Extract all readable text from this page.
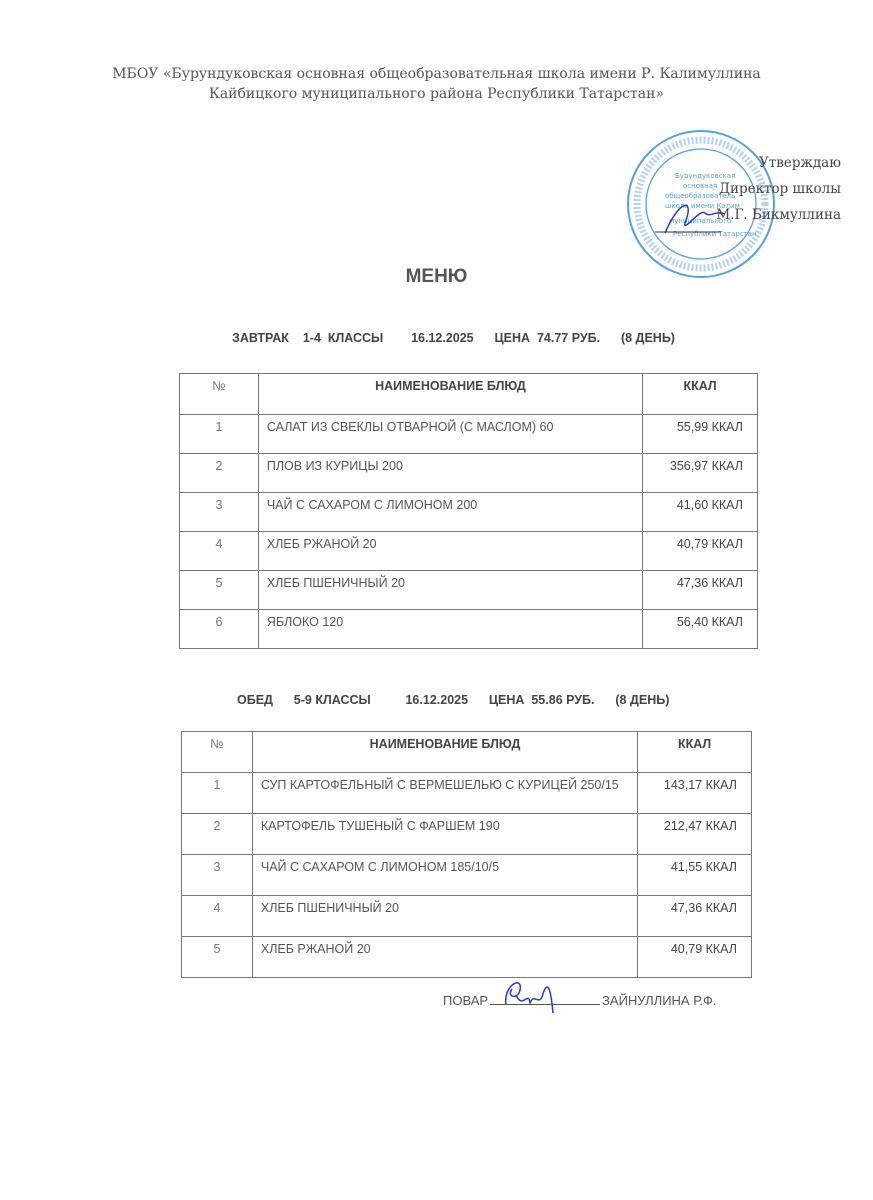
МБОУ «Бурундуковская основная общеобразовательная школа имени Р. Калимуллина
Кайбицкого муниципального района Республики Татарстан»
Бурундуковская
основная
общеобразователь
школа имени Калим
муниципального
Республики Татарстан
Утверждаю
Директор школы
М.Г. Бикмуллина
МЕНЮ
ЗАВТРАК 1-4  КЛАССЫ 16.12.2025 ЦЕНА  74.77 РУБ. (8 ДЕНЬ)
№	НАИМЕНОВАНИЕ БЛЮД	ККАЛ
1	САЛАТ ИЗ СВЕКЛЫ ОТВАРНОЙ (С МАСЛОМ) 60	55,99 ККАЛ
2	ПЛОВ ИЗ КУРИЦЫ 200	356,97 ККАЛ
3	ЧАЙ С САХАРОМ С ЛИМОНОМ 200	41,60 ККАЛ
4	ХЛЕБ РЖАНОЙ 20	40,79 ККАЛ
5	ХЛЕБ ПШЕНИЧНЫЙ 20	47,36 ККАЛ
6	ЯБЛОКО 120	56,40 ККАЛ
ОБЕД 5-9 КЛАССЫ	16.12.2025 ЦЕНА  55.86 РУБ. (8 ДЕНЬ)
№	НАИМЕНОВАНИЕ БЛЮД	ККАЛ
1	СУП КАРТОФЕЛЬНЫЙ С ВЕРМЕШЕЛЬЮ С КУРИЦЕЙ 250/15	143,17 ККАЛ
2	КАРТОФЕЛЬ ТУШЕНЫЙ С ФАРШЕМ 190	212,47 ККАЛ
3	ЧАЙ С САХАРОМ С ЛИМОНОМ 185/10/5	41,55 ККАЛ
4	ХЛЕБ ПШЕНИЧНЫЙ 20	47,36 ККАЛ
5	ХЛЕБ РЖАНОЙ 20	40,79 ККАЛ
ПОВАР	ЗАЙНУЛЛИНА Р.Ф.
